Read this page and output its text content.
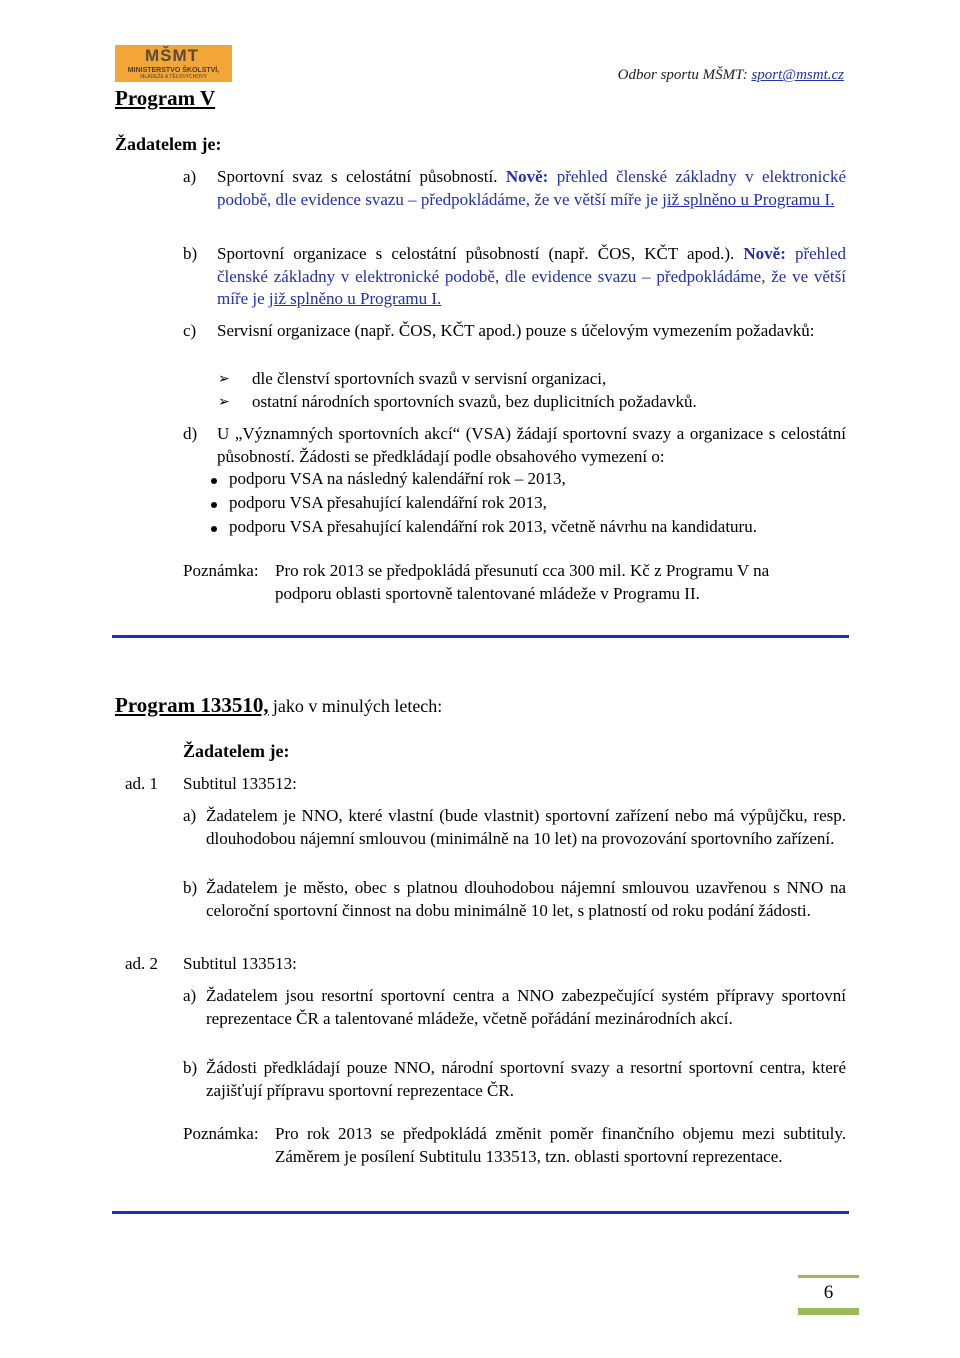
MŠMT
MINISTERSTVO ŠKOLSTVÍ,
MLÁDEŽE A TĚLOVÝCHOVY	Odbor sportu MŠMT: sport@msmt.cz
Program V
Žadatelem je:
a) Sportovní svaz s celostátní působností. Nově: přehled členské základny v elektronické podobě, dle evidence svazu – předpokládáme, že ve větší míře je již splněno u Programu I.
b) Sportovní organizace s celostátní působností (např. ČOS, KČT apod.). Nově: přehled členské základny v elektronické podobě, dle evidence svazu – předpokládáme, že ve větší míře je již splněno u Programu I.
c) Servisní organizace (např. ČOS, KČT apod.) pouze s účelovým vymezením požadavků:
➢ dle členství sportovních svazů v servisní organizaci,
➢ ostatní národních sportovních svazů, bez duplicitních požadavků.
d) U „Významných sportovních akcí“ (VSA) žádají sportovní svazy a organizace s celostátní působností. Žádosti se předkládají podle obsahového vymezení o:
podporu VSA na následný kalendářní rok – 2013,
podporu VSA přesahující kalendářní rok 2013,
podporu VSA přesahující kalendářní rok 2013, včetně návrhu na kandidaturu.
Poznámka: Pro rok 2013 se předpokládá přesunutí cca 300 mil. Kč z Programu V na
podporu oblasti sportovně talentované mládeže v Programu II.
Program 133510, jako v minulých letech:
Žadatelem je:
ad. 1 Subtitul 133512:
a) Žadatelem je NNO, které vlastní (bude vlastnit) sportovní zařízení nebo má výpůjčku, resp. dlouhodobou nájemní smlouvou (minimálně na 10 let) na provozování sportovního zařízení.
b) Žadatelem je město, obec s platnou dlouhodobou nájemní smlouvou uzavřenou s NNO na celoroční sportovní činnost na dobu minimálně 10 let, s platností od roku podání žádosti.
ad. 2 Subtitul 133513:
a) Žadatelem jsou resortní sportovní centra a NNO zabezpečující systém přípravy sportovní reprezentace ČR a talentované mládeže, včetně pořádání mezinárodních akcí.
b) Žádosti předkládají pouze NNO, národní sportovní svazy a resortní sportovní centra, které zajišťují přípravu sportovní reprezentace ČR.
Poznámka: Pro rok 2013 se předpokládá změnit poměr finančního objemu mezi subtituly. Záměrem je posílení Subtitulu 133513, tzn. oblasti sportovní reprezentace.
6
